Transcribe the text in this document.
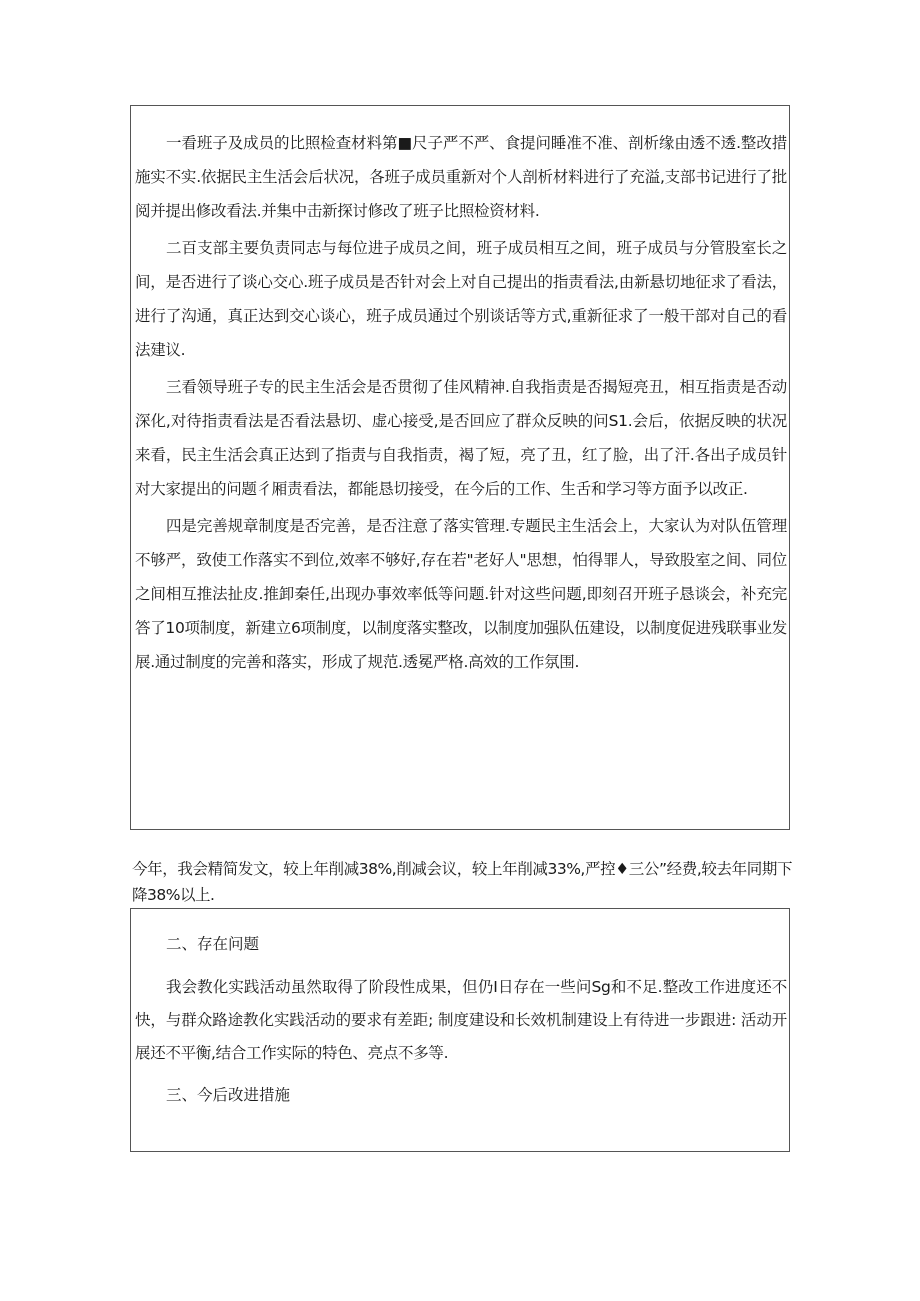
一看班子及成员的比照检查材料第■尺子严不严、食提问睡准不准、剖析缘由透不透.整改措施实不实.依据民主生活会后状况，各班子成员重新对个人剖析材料进行了充溢,支部书记进行了批阅并提出修改看法.并集中击新探讨修改了班子比照检资材料.

二百支部主要负责同志与每位进子成员之间，班子成员相互之间，班子成员与分管股室长之间，是否进行了谈心交心.班子成员是否针对会上对自己提出的指责看法,由新悬切地征求了看法，进行了沟通，真正达到交心谈心，班子成员通过个别谈话等方式,重新征求了一般干部对自己的看法建议.

三看领导班子专的民主生活会是否贯彻了佳风精神.自我指责是否揭短亮丑，相互指责是否动深化,对待指责看法是否看法悬切、虚心接受,是否回应了群众反映的问S1.会后，依据反映的状况来看，民主生活会真正达到了指责与自我指责，褐了短，亮了丑，红了脸，出了汗.各出子成员针对大家提出的问题彳厢责看法，都能恳切接受，在今后的工作、生舌和学习等方面予以改正.

四是完善规章制度是否完善，是否注意了落实管理.专题民主生活会上，大家认为对队伍管理不够严，致使工作落实不到位,效率不够好,存在若"老好人"思想，怕得罪人，导致股室之间、同位之间相互推法扯皮.推卸秦任,出现办事效率低等问题.针对这些问题,即刻召开班子恳谈会，补充完答了10项制度，新建立6项制度，以制度落实整改，以制度加强队伍建设，以制度促进残联事业发展.通过制度的完善和落实，形成了规范.透冕严格.高效的工作氛围.

今年，我会精简发文，较上年削减38%,削减会议，较上年削减33%,严控♦三公”经费,较去年同期下降38%以上.

二、存在问题

我会教化实践活动虽然取得了阶段性成果，但仍I日存在一些问Sg和不足.整改工作进度还不快，与群众路途教化实践活动的要求有差距; 制度建设和长效机制建设上有待进一步跟进: 活动开展还不平衡,结合工作实际的特色、亮点不多等.

三、今后改进措施
